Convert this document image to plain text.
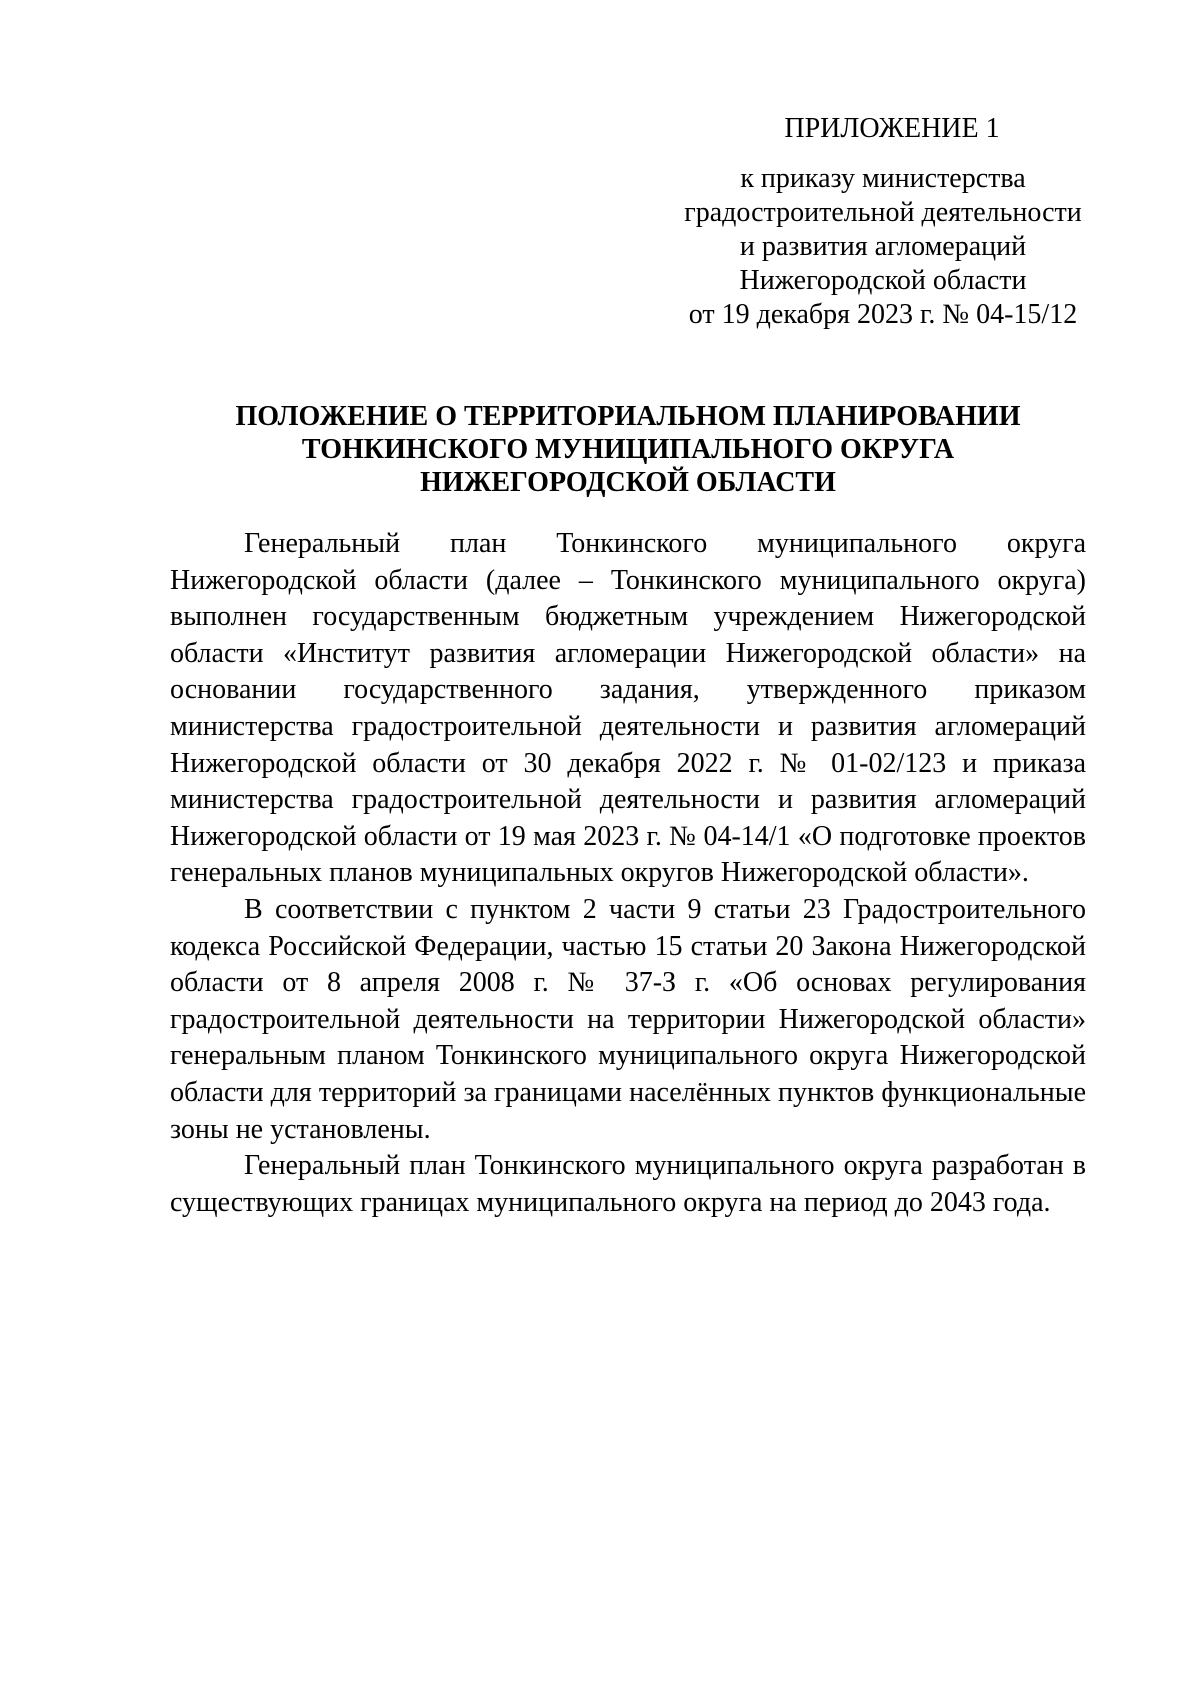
ПРИЛОЖЕНИЕ 1

к приказу министерства
градостроительной деятельности
и развития агломераций
Нижегородской области
от 19 декабря 2023 г. № 04-15/12

ПОЛОЖЕНИЕ О ТЕРРИТОРИАЛЬНОМ ПЛАНИРОВАНИИ
ТОНКИНСКОГО МУНИЦИПАЛЬНОГО ОКРУГА
НИЖЕГОРОДСКОЙ ОБЛАСТИ

Генеральный план Тонкинского муниципального округа Нижегородской области (далее – Тонкинского муниципального округа) выполнен государственным бюджетным учреждением Нижегородской области «Институт развития агломерации Нижегородской области» на основании государственного задания, утвержденного приказом министерства градостроительной деятельности и развития агломераций Нижегородской области от 30 декабря 2022 г. № 01-02/123 и приказа министерства градостроительной деятельности и развития агломераций Нижегородской области от 19 мая 2023 г. № 04-14/1 «О подготовке проектов генеральных планов муниципальных округов Нижегородской области».

В соответствии с пунктом 2 части 9 статьи 23 Градостроительного кодекса Российской Федерации, частью 15 статьи 20 Закона Нижегородской области от 8 апреля 2008 г. № 37-З г. «Об основах регулирования градостроительной деятельности на территории Нижегородской области» генеральным планом Тонкинского муниципального округа Нижегородской области для территорий за границами населённых пунктов функциональные зоны не установлены.

Генеральный план Тонкинского муниципального округа разработан в существующих границах муниципального округа на период до 2043 года.
